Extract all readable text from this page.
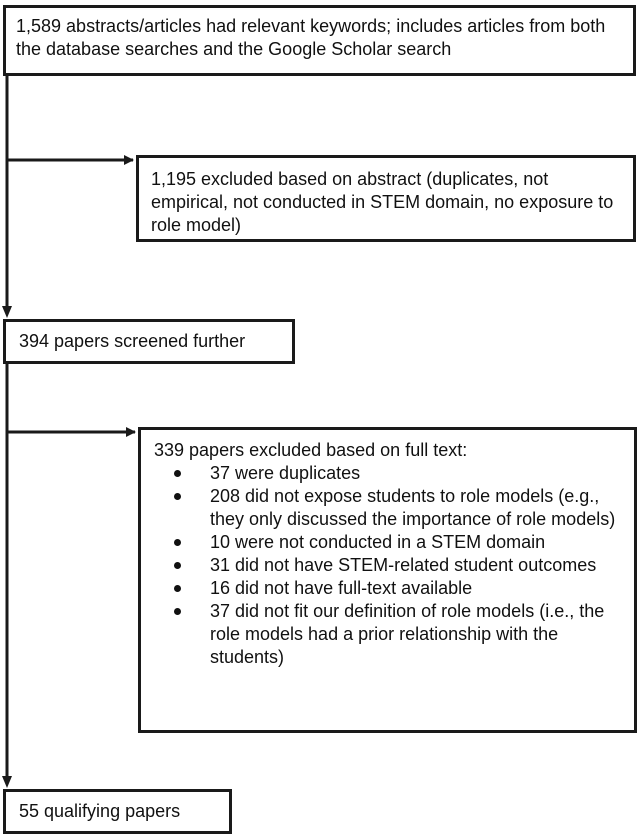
1,589 abstracts/articles had relevant keywords; includes articles from both the database searches and the Google Scholar search

1,195 excluded based on abstract (duplicates, not empirical, not conducted in STEM domain, no exposure to role model)

394 papers screened further

339 papers excluded based on full text:

37 were duplicates
208 did not expose students to role models (e.g., they only discussed the importance of role models)
10 were not conducted in a STEM domain
31 did not have STEM-related student outcomes
16 did not have full-text available
37 did not fit our definition of role models (i.e., the role models had a prior relationship with the students)

55 qualifying papers
